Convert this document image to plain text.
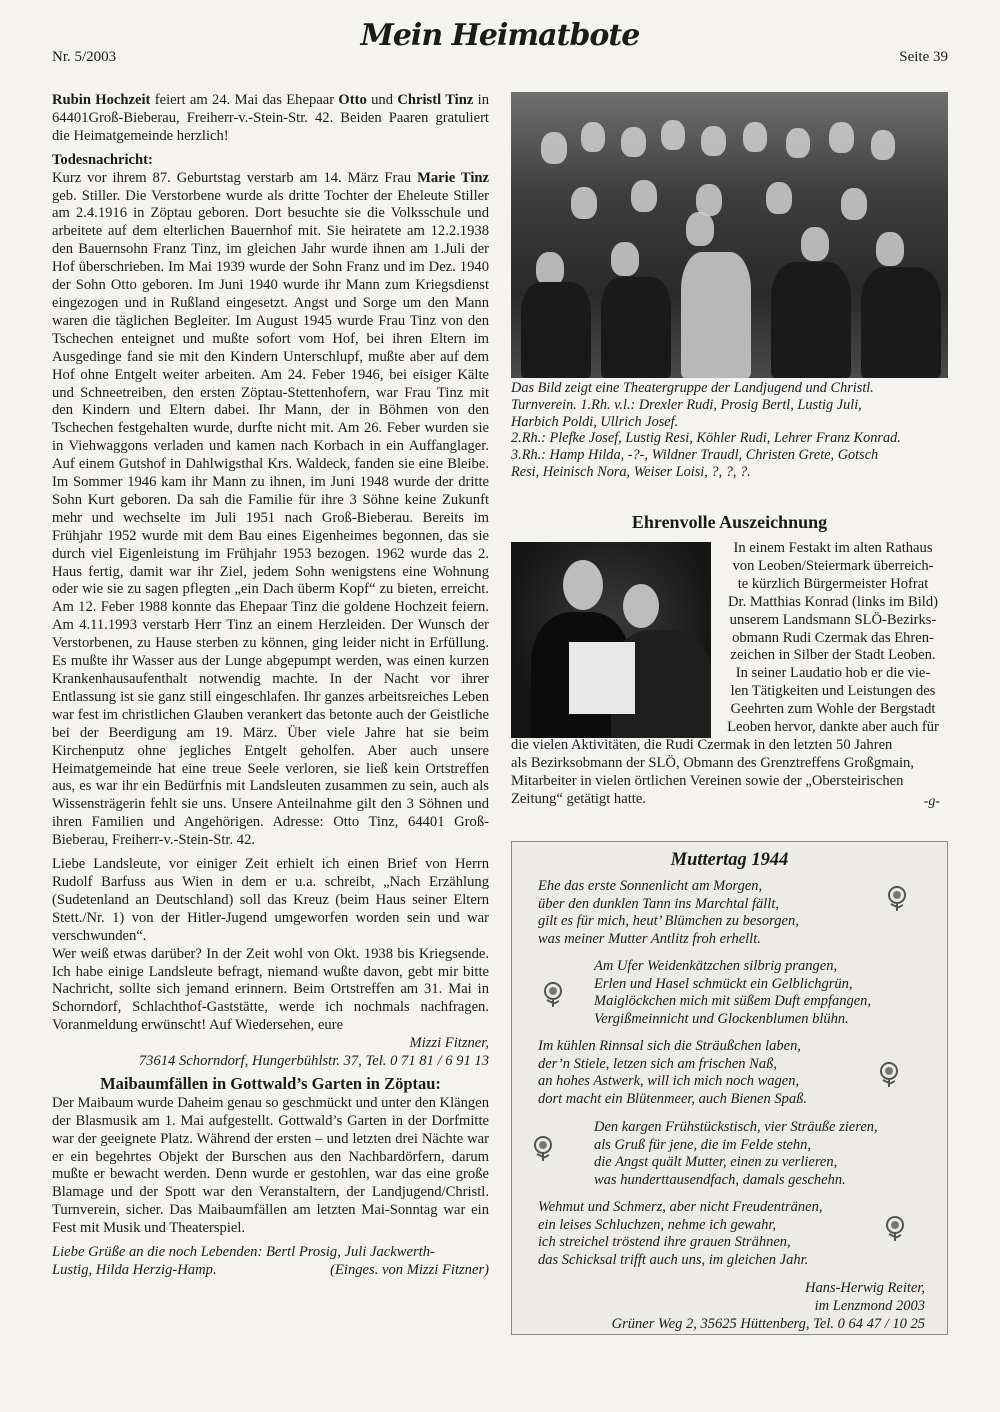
Nr. 5/2003
Mein Heimatbote
Seite 39

Rubin Hochzeit feiert am 24. Mai das Ehepaar Otto und Christl Tinz in 64401Groß-Bieberau, Freiherr-v.-Stein-Str. 42. Beiden Paaren gratuliert die Heimatgemeinde herzlich!

Todesnachricht:

Kurz vor ihrem 87. Geburtstag verstarb am 14. März Frau Marie Tinz geb. Stiller. Die Verstorbene wurde als dritte Tochter der Eheleute Stiller am 2.4.1916 in Zöptau geboren. Dort besuchte sie die Volksschule und arbeitete auf dem elterlichen Bauernhof mit. Sie heiratete am 12.2.1938 den Bauernsohn Franz Tinz, im gleichen Jahr wurde ihnen am 1.Juli der Hof überschrieben. Im Mai 1939 wurde der Sohn Franz und im Dez. 1940 der Sohn Otto geboren. Im Juni 1940 wurde ihr Mann zum Kriegsdienst eingezogen und in Rußland eingesetzt. Angst und Sorge um den Mann waren die täglichen Begleiter. Im August 1945 wurde Frau Tinz von den Tschechen enteignet und mußte sofort vom Hof, bei ihren Eltern im Ausgedinge fand sie mit den Kindern Unterschlupf, mußte aber auf dem Hof ohne Entgelt weiter arbeiten. Am 24. Feber 1946, bei eisiger Kälte und Schneetreiben, den ersten Zöptau-Stettenhofern, war Frau Tinz mit den Kindern und Eltern dabei. Ihr Mann, der in Böhmen von den Tschechen festgehalten wurde, durfte nicht mit. Am 26. Feber wurden sie in Viehwaggons verladen und kamen nach Korbach in ein Auffanglager. Auf einem Gutshof in Dahlwigsthal Krs. Waldeck, fanden sie eine Bleibe. Im Sommer 1946 kam ihr Mann zu ihnen, im Juni 1948 wurde der dritte Sohn Kurt geboren. Da sah die Familie für ihre 3 Söhne keine Zukunft mehr und wechselte im Juli 1951 nach Groß-Bieberau. Bereits im Frühjahr 1952 wurde mit dem Bau eines Eigenheimes begonnen, das sie durch viel Eigenleistung im Frühjahr 1953 bezogen. 1962 wurde das 2. Haus fertig, damit war ihr Ziel, jedem Sohn wenigstens eine Wohnung oder wie sie zu sagen pflegten „ein Dach überm Kopf“ zu bieten, erreicht. Am 12. Feber 1988 konnte das Ehepaar Tinz die goldene Hochzeit feiern. Am 4.11.1993 verstarb Herr Tinz an einem Herzleiden. Der Wunsch der Verstorbenen, zu Hause sterben zu können, ging leider nicht in Erfüllung. Es mußte ihr Wasser aus der Lunge abgepumpt werden, was einen kurzen Krankenhausaufenthalt notwendig machte. In der Nacht vor ihrer Entlassung ist sie ganz still eingeschlafen. Ihr ganzes arbeitsreiches Leben war fest im christlichen Glauben verankert das betonte auch der Geistliche bei der Beerdigung am 19. März. Über viele Jahre hat sie beim Kirchenputz ohne jegliches Entgelt geholfen. Aber auch unsere Heimatgemeinde hat eine treue Seele verloren, sie ließ kein Ortstreffen aus, es war ihr ein Bedürfnis mit Landsleuten zusammen zu sein, auch als Wissensträgerin fehlt sie uns. Unsere Anteilnahme gilt den 3 Söhnen und ihren Familien und Angehörigen. Adresse: Otto Tinz, 64401 Groß-Bieberau, Freiherr-v.-Stein-Str. 42.

Liebe Landsleute, vor einiger Zeit erhielt ich einen Brief von Herrn Rudolf Barfuss aus Wien in dem er u.a. schreibt, „Nach Erzählung (Sudetenland an Deutschland) soll das Kreuz (beim Haus seiner Eltern Stett./Nr. 1) von der Hitler-Jugend umgeworfen worden sein und war verschwunden“.

Wer weiß etwas darüber? In der Zeit wohl von Okt. 1938 bis Kriegsende. Ich habe einige Landsleute befragt, niemand wußte davon, gebt mir bitte Nachricht, sollte sich jemand erinnern. Beim Ortstreffen am 31. Mai in Schorndorf, Schlachthof-Gaststätte, werde ich nochmals nachfragen. Voranmeldung erwünscht! Auf Wiedersehen, eure

Mizzi Fitzner,
73614 Schorndorf, Hungerbühlstr. 37, Tel. 0 71 81 / 6 91 13
Maibaumfällen in Gottwald’s Garten in Zöptau:

Der Maibaum wurde Daheim genau so geschmückt und unter den Klängen der Blasmusik am 1. Mai aufgestellt. Gottwald’s Garten in der Dorfmitte war der geeignete Platz. Während der ersten – und letzten drei Nächte war er ein begehrtes Objekt der Burschen aus den Nachbardörfern, darum mußte er bewacht werden. Denn wurde er gestohlen, war das eine große Blamage und der Spott war den Veranstaltern, der Landjugend/Christl. Turnverein, sicher. Das Maibaumfällen am letzten Mai-Sonntag war ein Fest mit Musik und Theaterspiel.

Liebe Grüße an die noch Lebenden: Bertl Prosig, Juli Jackwerth-
Lustig, Hilda Herzig-Hamp.	(Einges. von Mizzi Fitzner)
Das Bild zeigt eine Theatergruppe der Landjugend und Christl.
Turnverein. 1.Rh. v.l.: Drexler Rudi, Prosig Bertl, Lustig Juli,
Harbich Poldi, Ullrich Josef.
2.Rh.: Plefke Josef, Lustig Resi, Köhler Rudi, Lehrer Franz Konrad.
3.Rh.: Hamp Hilda, -?-, Wildner Traudl, Christen Grete, Gotsch
Resi, Heinisch Nora, Weiser Loisi, ?, ?, ?.
Ehrenvolle Auszeichnung
In einem Festakt im alten Rathaus
von Leoben/Steiermark überreich-
te kürzlich Bürgermeister Hofrat
Dr. Matthias Konrad (links im Bild)
unserem Landsmann SLÖ-Bezirks-
obmann Rudi Czermak das Ehren-
zeichen in Silber der Stadt Leoben.
In seiner Laudatio hob er die vie-
len Tätigkeiten und Leistungen des
Geehrten zum Wohle der Bergstadt
Leoben hervor, dankte aber auch für
die vielen Aktivitäten, die Rudi Czermak in den letzten 50 Jahren
als Bezirksobmann der SLÖ, Obmann des Grenztreffens Großgmain,
Mitarbeiter in vielen örtlichen Vereinen sowie der „Obersteirischen
Zeitung“ getätigt hatte.	-g-
Muttertag 1944
Ehe das erste Sonnenlicht am Morgen,
über den dunklen Tann ins Marchtal fällt,
gilt es für mich, heut’ Blümchen zu besorgen,
was meiner Mutter Antlitz froh erhellt.
Am Ufer Weidenkätzchen silbrig prangen,
Erlen und Hasel schmückt ein Gelblichgrün,
Maiglöckchen mich mit süßem Duft empfangen,
Vergißmeinnicht und Glockenblumen blühn.
Im kühlen Rinnsal sich die Sträußchen laben,
der’n Stiele, letzen sich am frischen Naß,
an hohes Astwerk, will ich mich noch wagen,
dort macht ein Blütenmeer, auch Bienen Spaß.
Den kargen Frühstückstisch, vier Sträuße zieren,
als Gruß für jene, die im Felde stehn,
die Angst quält Mutter, einen zu verlieren,
was hunderttausendfach, damals geschehn.
Wehmut und Schmerz, aber nicht Freudentränen,
ein leises Schluchzen, nehme ich gewahr,
ich streichel tröstend ihre grauen Strähnen,
das Schicksal trifft auch uns, im gleichen Jahr.
Hans-Herwig Reiter,
im Lenzmond 2003
Grüner Weg 2, 35625 Hüttenberg, Tel. 0 64 47 / 10 25
